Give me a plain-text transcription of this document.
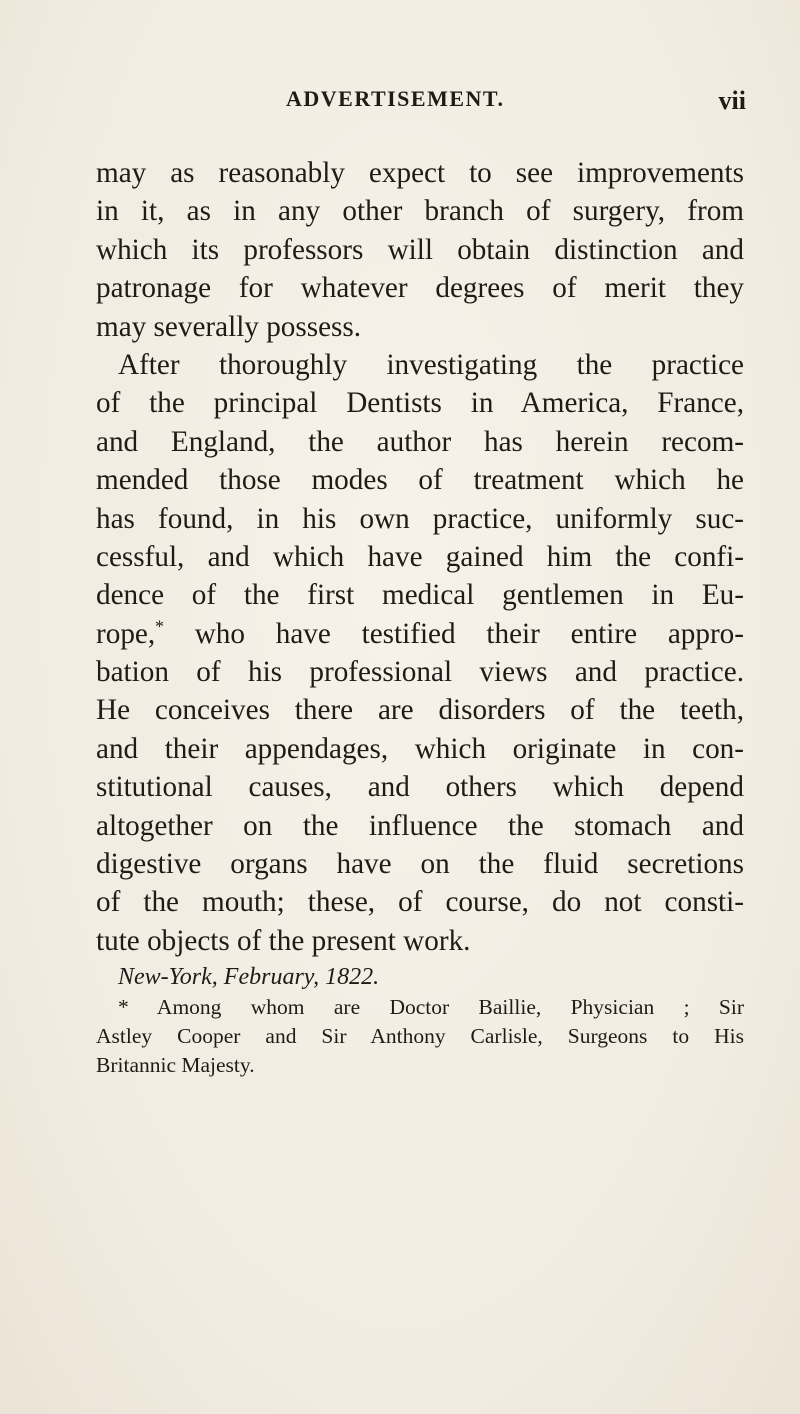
ADVERTISEMENT.	vii
may as reasonably expect to see improvements
in it, as in any other branch of surgery, from
which its professors will obtain distinction and
patronage for whatever degrees of merit they
may severally possess.
After thoroughly investigating the practice
of the principal Dentists in America, France,
and England, the author has herein recom-
mended those modes of treatment which he
has found, in his own practice, uniformly suc-
cessful, and which have gained him the confi-
dence of the first medical gentlemen in Eu-
rope,* who have testified their entire appro-
bation of his professional views and practice.
He conceives there are disorders of the teeth,
and their appendages, which originate in con-
stitutional causes, and others which depend
altogether on the influence the stomach and
digestive organs have on the fluid secretions
of the mouth; these, of course, do not consti-
tute objects of the present work.
New-York, February, 1822.
* Among whom are Doctor Baillie, Physician ; Sir
Astley Cooper and Sir Anthony Carlisle, Surgeons to His
Britannic Majesty.
